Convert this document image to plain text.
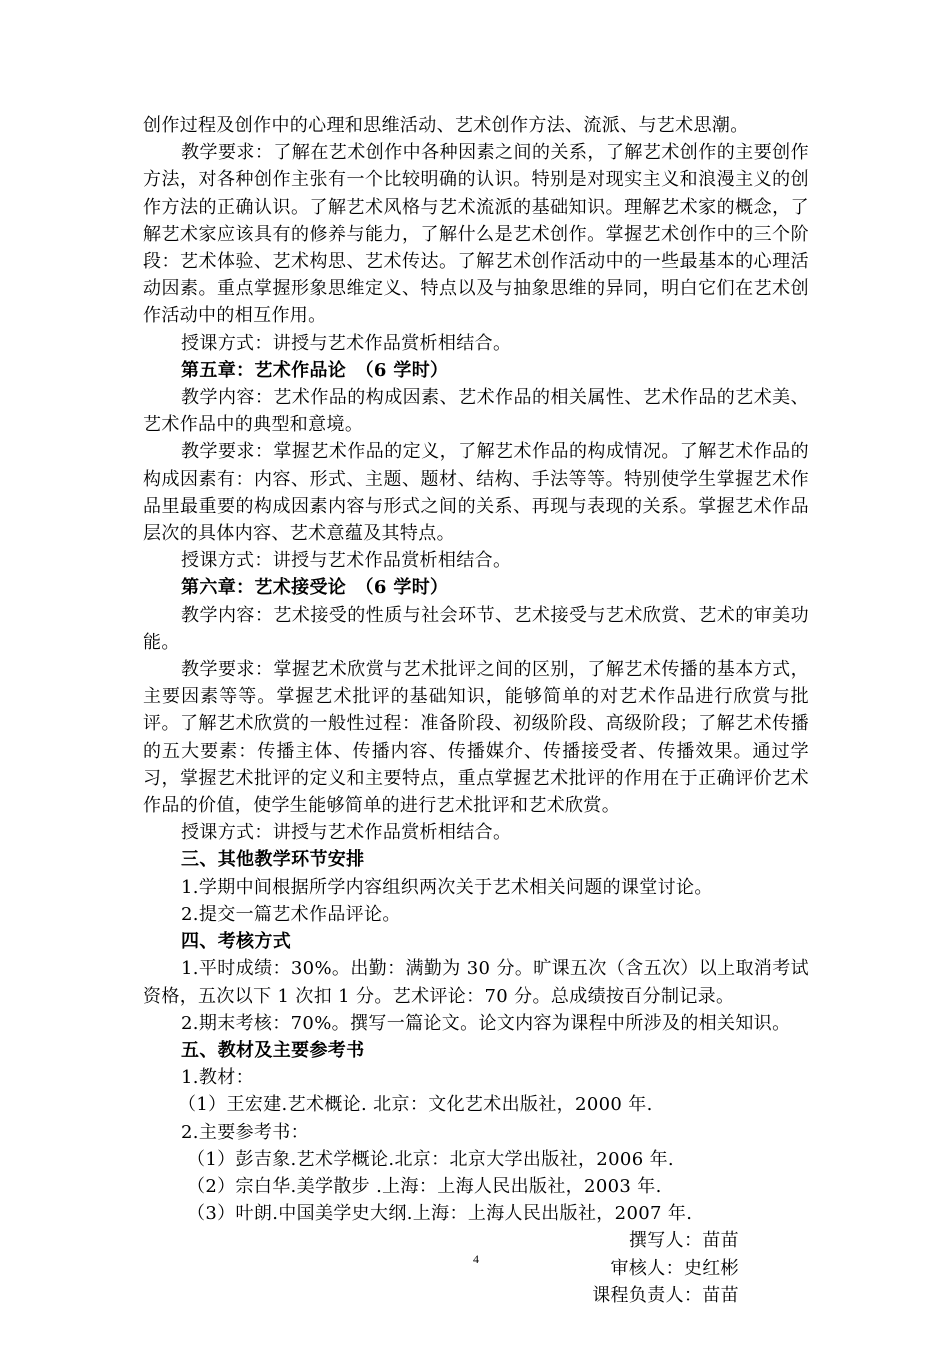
创作过程及创作中的心理和思维活动、艺术创作方法、流派、与艺术思潮。

教学要求：了解在艺术创作中各种因素之间的关系，了解艺术创作的主要创作方法，对各种创作主张有一个比较明确的认识。特别是对现实主义和浪漫主义的创作方法的正确认识。了解艺术风格与艺术流派的基础知识。理解艺术家的概念，了解艺术家应该具有的修养与能力，了解什么是艺术创作。掌握艺术创作中的三个阶段：艺术体验、艺术构思、艺术传达。了解艺术创作活动中的一些最基本的心理活动因素。重点掌握形象思维定义、特点以及与抽象思维的异同，明白它们在艺术创作活动中的相互作用。

授课方式：讲授与艺术作品赏析相结合。

第五章：艺术作品论　（6 学时）

教学内容：艺术作品的构成因素、艺术作品的相关属性、艺术作品的艺术美、艺术作品中的典型和意境。

教学要求：掌握艺术作品的定义，了解艺术作品的构成情况。了解艺术作品的构成因素有：内容、形式、主题、题材、结构、手法等等。特别使学生掌握艺术作品里最重要的构成因素内容与形式之间的关系、再现与表现的关系。掌握艺术作品层次的具体内容、艺术意蕴及其特点。

授课方式：讲授与艺术作品赏析相结合。

第六章：艺术接受论　（6 学时）

教学内容：艺术接受的性质与社会环节、艺术接受与艺术欣赏、艺术的审美功能。

教学要求：掌握艺术欣赏与艺术批评之间的区别，了解艺术传播的基本方式，主要因素等等。掌握艺术批评的基础知识，能够简单的对艺术作品进行欣赏与批评。了解艺术欣赏的一般性过程：准备阶段、初级阶段、高级阶段；了解艺术传播的五大要素：传播主体、传播内容、传播媒介、传播接受者、传播效果。通过学习，掌握艺术批评的定义和主要特点，重点掌握艺术批评的作用在于正确评价艺术作品的价值，使学生能够简单的进行艺术批评和艺术欣赏。

授课方式：讲授与艺术作品赏析相结合。

三、其他教学环节安排

1.学期中间根据所学内容组织两次关于艺术相关问题的课堂讨论。

2.提交一篇艺术作品评论。

四、考核方式

1.平时成绩：30%。出勤：满勤为 30 分。旷课五次（含五次）以上取消考试资格，五次以下 1 次扣 1 分。艺术评论：70 分。总成绩按百分制记录。

2.期末考核：70%。撰写一篇论文。论文内容为课程中所涉及的相关知识。

五、教材及主要参考书

1.教材：

（1）王宏建.艺术概论. 北京：文化艺术出版社，2000 年.

2.主要参考书：

（1）彭吉象.艺术学概论.北京：北京大学出版社，2006 年.

（2）宗白华.美学散步 .上海：上海人民出版社，2003 年.

（3）叶朗.中国美学史大纲.上海：上海人民出版社，2007 年.

撰写人：苗苗

审核人：史红彬

课程负责人：苗苗

4
